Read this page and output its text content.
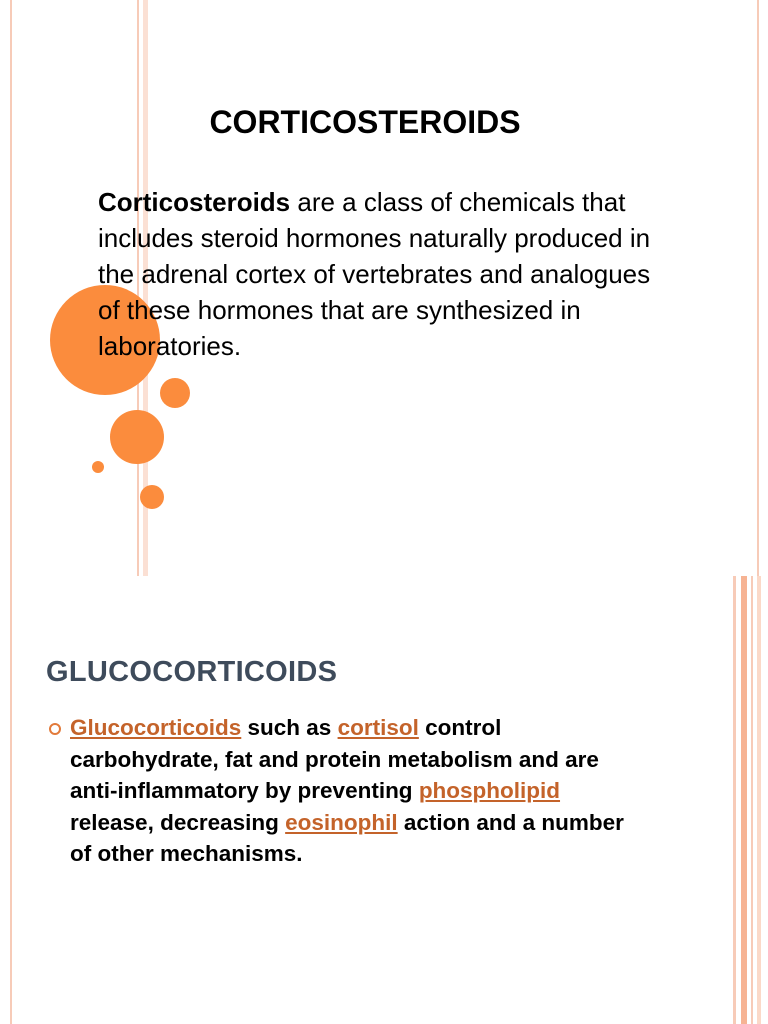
CORTICOSTEROIDS

Corticosteroids are a class of chemicals that includes steroid hormones naturally produced in the adrenal cortex of vertebrates and analogues of these hormones that are synthesized in laboratories.

GLUCOCORTICOIDS
Glucocorticoids such as cortisol control carbohydrate, fat and protein metabolism and are anti-inflammatory by preventing phospholipid release, decreasing eosinophil action and a number of other mechanisms.
